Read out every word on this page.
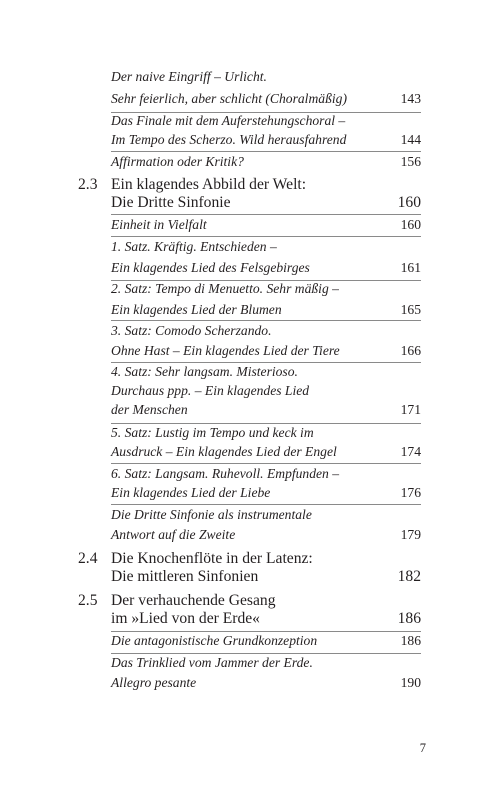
Der naive Eingriff – Urlicht.
Sehr feierlich, aber schlicht (Choralmäßig)	143
Das Finale mit dem Auferstehungschoral –
Im Tempo des Scherzo. Wild herausfahrend	144
Affirmation oder Kritik?	156
2.3 Ein klagendes Abbild der Welt:
Die Dritte Sinfonie	160
Einheit in Vielfalt	160
1. Satz. Kräftig. Entschieden –
Ein klagendes Lied des Felsgebirges	161
2. Satz: Tempo di Menuetto. Sehr mäßig –
Ein klagendes Lied der Blumen	165
3. Satz: Comodo Scherzando.
Ohne Hast – Ein klagendes Lied der Tiere	166
4. Satz: Sehr langsam. Misterioso.
Durchaus ppp. – Ein klagendes Lied
der Menschen	171
5. Satz: Lustig im Tempo und keck im
Ausdruck – Ein klagendes Lied der Engel	174
6. Satz: Langsam. Ruhevoll. Empfunden –
Ein klagendes Lied der Liebe	176
Die Dritte Sinfonie als instrumentale
Antwort auf die Zweite	179
2.4 Die Knochenflöte in der Latenz:
Die mittleren Sinfonien	182
2.5 Der verhauchende Gesang
im »Lied von der Erde«	186
Die antagonistische Grundkonzeption	186
Das Trinklied vom Jammer der Erde.
Allegro pesante	190
7
